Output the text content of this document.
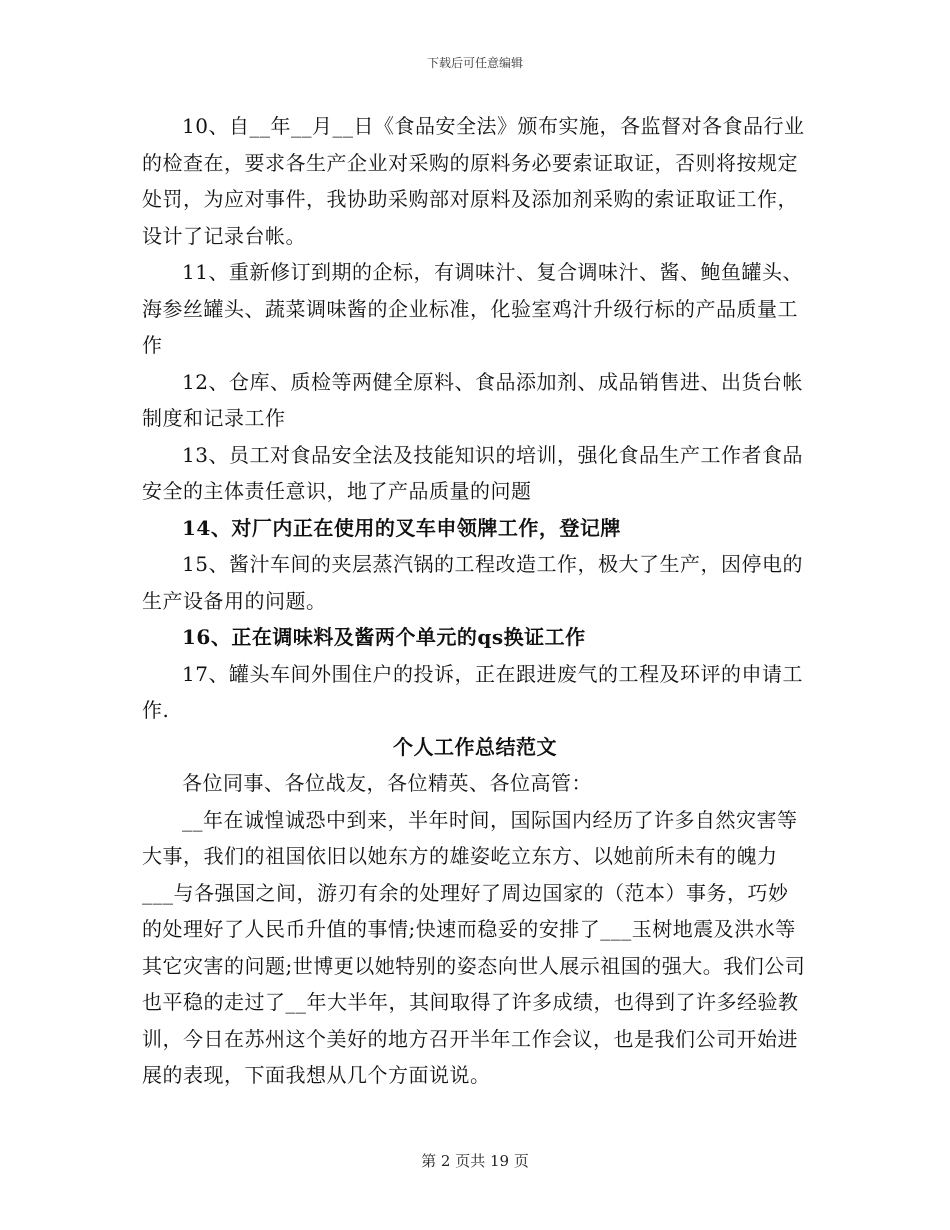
下载后可任意编辑

10、自__年__月__日《食品安全法》颁布实施，各监督对各食品行业的检查在，要求各生产企业对采购的原料务必要索证取证，否则将按规定处罚，为应对事件，我协助采购部对原料及添加剂采购的索证取证工作，设计了记录台帐。

11、重新修订到期的企标，有调味汁、复合调味汁、酱、鲍鱼罐头、海参丝罐头、蔬菜调味酱的企业标准，化验室鸡汁升级行标的产品质量工作

12、仓库、质检等两健全原料、食品添加剂、成品销售进、出货台帐制度和记录工作

13、员工对食品安全法及技能知识的培训，强化食品生产工作者食品安全的主体责任意识，地了产品质量的问题

14、对厂内正在使用的叉车申领牌工作，登记牌

15、酱汁车间的夹层蒸汽锅的工程改造工作，极大了生产，因停电的生产设备用的问题。

16、正在调味料及酱两个单元的qs换证工作

17、罐头车间外围住户的投诉，正在跟进废气的工程及环评的申请工作.

个人工作总结范文

各位同事、各位战友，各位精英、各位高管：

__年在诚惶诚恐中到来，半年时间，国际国内经历了许多自然灾害等大事，我们的祖国依旧以她东方的雄姿屹立东方、以她前所未有的魄力___与各强国之间，游刃有余的处理好了周边国家的（范本）事务，巧妙的处理好了人民币升值的事情;快速而稳妥的安排了___玉树地震及洪水等其它灾害的问题;世博更以她特别的姿态向世人展示祖国的强大。我们公司也平稳的走过了__年大半年，其间取得了许多成绩，也得到了许多经验教训，今日在苏州这个美好的地方召开半年工作会议，也是我们公司开始进展的表现，下面我想从几个方面说说。

第 2 页共 19 页
